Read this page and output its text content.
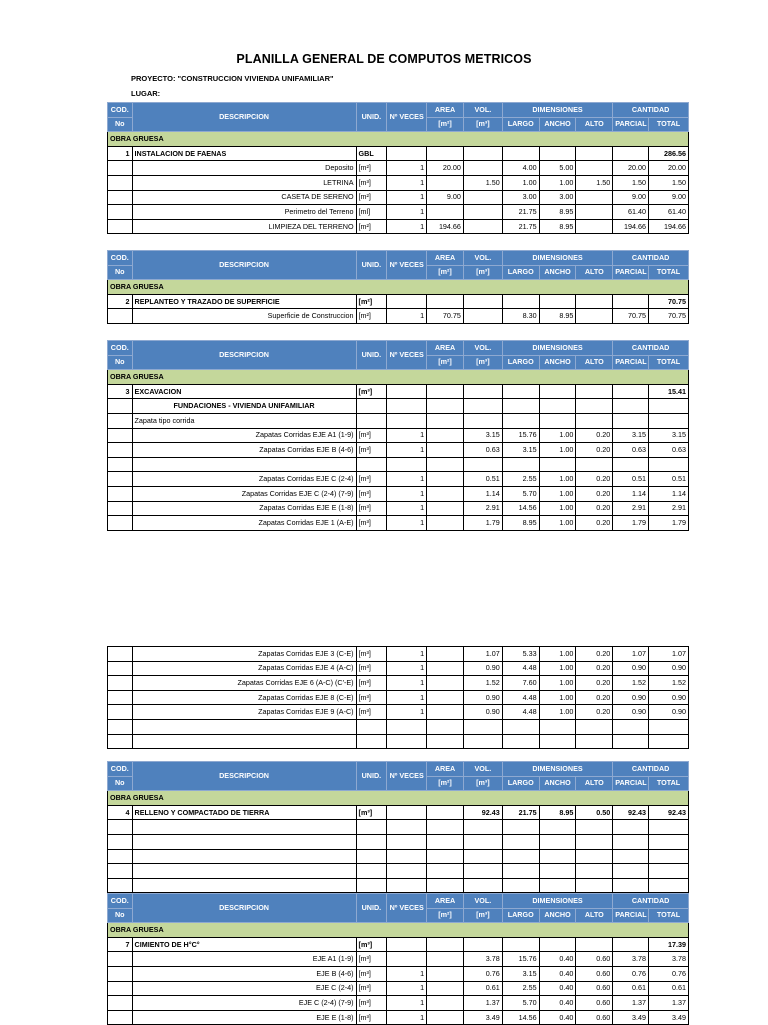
PLANILLA GENERAL DE COMPUTOS METRICOS
PROYECTO: "CONSTRUCCION VIVIENDA UNIFAMILIAR"
LUGAR:
COD.	DESCRIPCION	UNID.	Nº VECES	AREA	VOL.	DIMENSIONES			CANTIDAD	
No				[m²]	[m³]	LARGO	ANCHO	ALTO	PARCIAL	TOTAL
OBRA GRUESA										
1	INSTALACION DE FAENAS	GBL								286.56
	Deposito	[m²]	1	20.00		4.00	5.00		20.00	20.00
	LETRINA	[m³]	1		1.50	1.00	1.00	1.50	1.50	1.50
	CASETA DE SERENO	[m²]	1	9.00		3.00	3.00		9.00	9.00
	Perimetro del Terreno	[ml]	1			21.75	8.95		61.40	61.40
	LIMPIEZA DEL TERRENO	[m²]	1	194.66		21.75	8.95		194.66	194.66
COD.	DESCRIPCION	UNID.	Nº VECES	AREA	VOL.	DIMENSIONES			CANTIDAD	
No				[m²]	[m³]	LARGO	ANCHO	ALTO	PARCIAL	TOTAL
OBRA GRUESA										
2	REPLANTEO Y TRAZADO DE SUPERFICIE	[m²]								70.75
	Superficie de Construccion	[m²]	1	70.75		8.30	8.95		70.75	70.75
COD.	DESCRIPCION	UNID.	Nº VECES	AREA	VOL.	DIMENSIONES			CANTIDAD	
No				[m²]	[m³]	LARGO	ANCHO	ALTO	PARCIAL	TOTAL
OBRA GRUESA										
3	EXCAVACION	[m³]								15.41
	FUNDACIONES - VIVIENDA UNIFAMILIAR									
	Zapata tipo corrida									
	Zapatas Corridas EJE A1 (1-9)	[m³]	1		3.15	15.76	1.00	0.20	3.15	3.15
	Zapatas Corridas EJE B (4-6)	[m³]	1		0.63	3.15	1.00	0.20	0.63	0.63

	Zapatas Corridas EJE C (2-4)	[m³]	1		0.51	2.55	1.00	0.20	0.51	0.51
	Zapatas Corridas EJE C (2-4) (7-9)	[m³]	1		1.14	5.70	1.00	0.20	1.14	1.14
	Zapatas Corridas EJE E (1-8)	[m³]	1		2.91	14.56	1.00	0.20	2.91	2.91
	Zapatas Corridas EJE 1 (A-E)	[m³]	1		1.79	8.95	1.00	0.20	1.79	1.79
	Zapatas Corridas EJE 3 (C-E)	[m³]	1		1.07	5.33	1.00	0.20	1.07	1.07
	Zapatas Corridas EJE 4 (A-C)	[m³]	1		0.90	4.48	1.00	0.20	0.90	0.90
	Zapatas Corridas EJE 6 (A-C) (C'-E)	[m³]	1		1.52	7.60	1.00	0.20	1.52	1.52
	Zapatas Corridas EJE 8 (C-E)	[m³]	1		0.90	4.48	1.00	0.20	0.90	0.90
	Zapatas Corridas EJE 9 (A-C)	[m³]	1		0.90	4.48	1.00	0.20	0.90	0.90

COD.	DESCRIPCION	UNID.	Nº VECES	AREA	VOL.	DIMENSIONES			CANTIDAD	
No				[m²]	[m³]	LARGO	ANCHO	ALTO	PARCIAL	TOTAL
OBRA GRUESA										
4	RELLENO Y COMPACTADO DE TIERRA	[m³]			92.43	21.75	8.95	0.50	92.43	92.43

COD.	DESCRIPCION	UNID.	Nº VECES	AREA	VOL.	DIMENSIONES			CANTIDAD	
No				[m²]	[m³]	LARGO	ANCHO	ALTO	PARCIAL	TOTAL
OBRA GRUESA										
7	CIMIENTO DE H°C°	[m³]								17.39
	EJE A1 (1-9)	[m³]			3.78	15.76	0.40	0.60	3.78	3.78
	EJE B (4-6)	[m³]	1		0.76	3.15	0.40	0.60	0.76	0.76
	EJE C (2-4)	[m³]	1		0.61	2.55	0.40	0.60	0.61	0.61
	EJE C (2-4) (7-9)	[m³]	1		1.37	5.70	0.40	0.60	1.37	1.37
	EJE E (1-8)	[m³]	1		3.49	14.56	0.40	0.60	3.49	3.49
